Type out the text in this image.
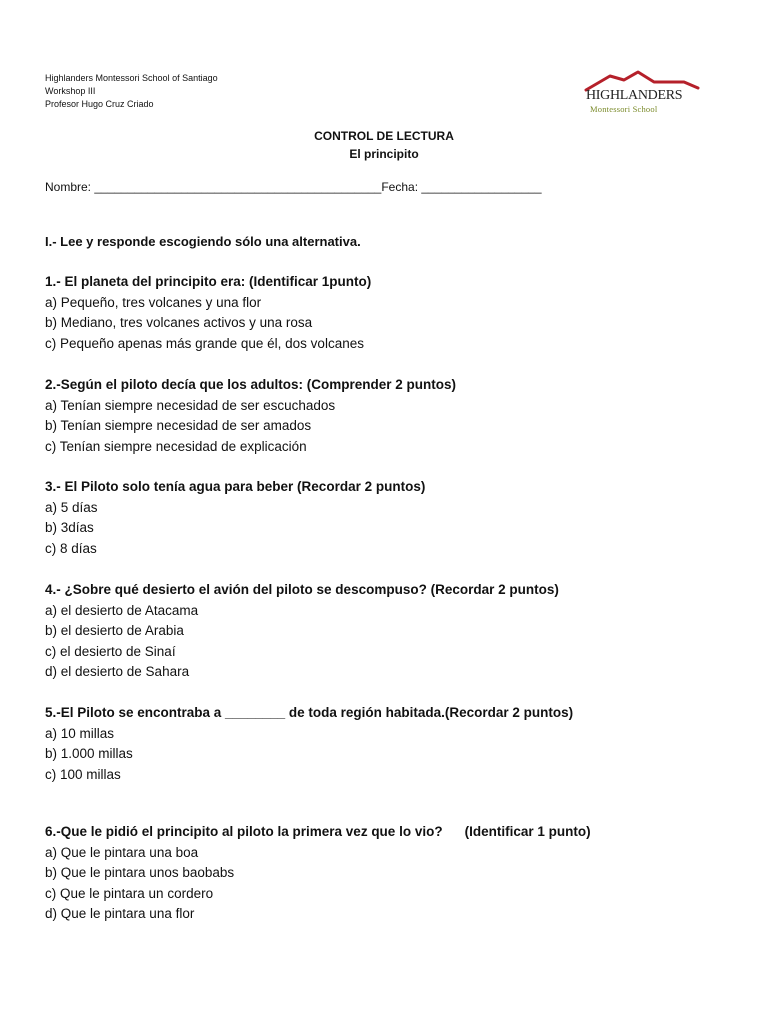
Highlanders Montessori School of Santiago
Workshop III
Profesor Hugo Cruz Criado
HIGHLANDERS
Montessori School
CONTROL DE LECTURA
El principito
Nombre: ___________________________________________Fecha: __________________
I.- Lee y responde escogiendo sólo una alternativa.
1.- El planeta del principito era: (Identificar 1punto)
a) Pequeño, tres volcanes y una flor
b) Mediano, tres volcanes activos y una rosa
c) Pequeño apenas más grande que él, dos volcanes
2.-Según el piloto decía que los adultos: (Comprender 2 puntos)
a) Tenían siempre necesidad de ser escuchados
b) Tenían siempre necesidad de ser amados
c) Tenían siempre necesidad de explicación
3.- El Piloto solo tenía agua para beber (Recordar 2 puntos)
a) 5 días
b) 3días
c) 8 días
4.- ¿Sobre qué desierto el avión del piloto se descompuso? (Recordar 2 puntos)
a) el desierto de Atacama
b) el desierto de Arabia
c) el desierto de Sinaí
d) el desierto de Sahara
5.-El Piloto se encontraba a ________ de toda región habitada.(Recordar 2 puntos)
a) 10 millas
b) 1.000 millas
c) 100 millas
6.-Que le pidió el principito al piloto la primera vez que lo vio? (Identificar 1 punto)
a) Que le pintara una boa
b) Que le pintara unos baobabs
c) Que le pintara un cordero
d) Que le pintara una flor
